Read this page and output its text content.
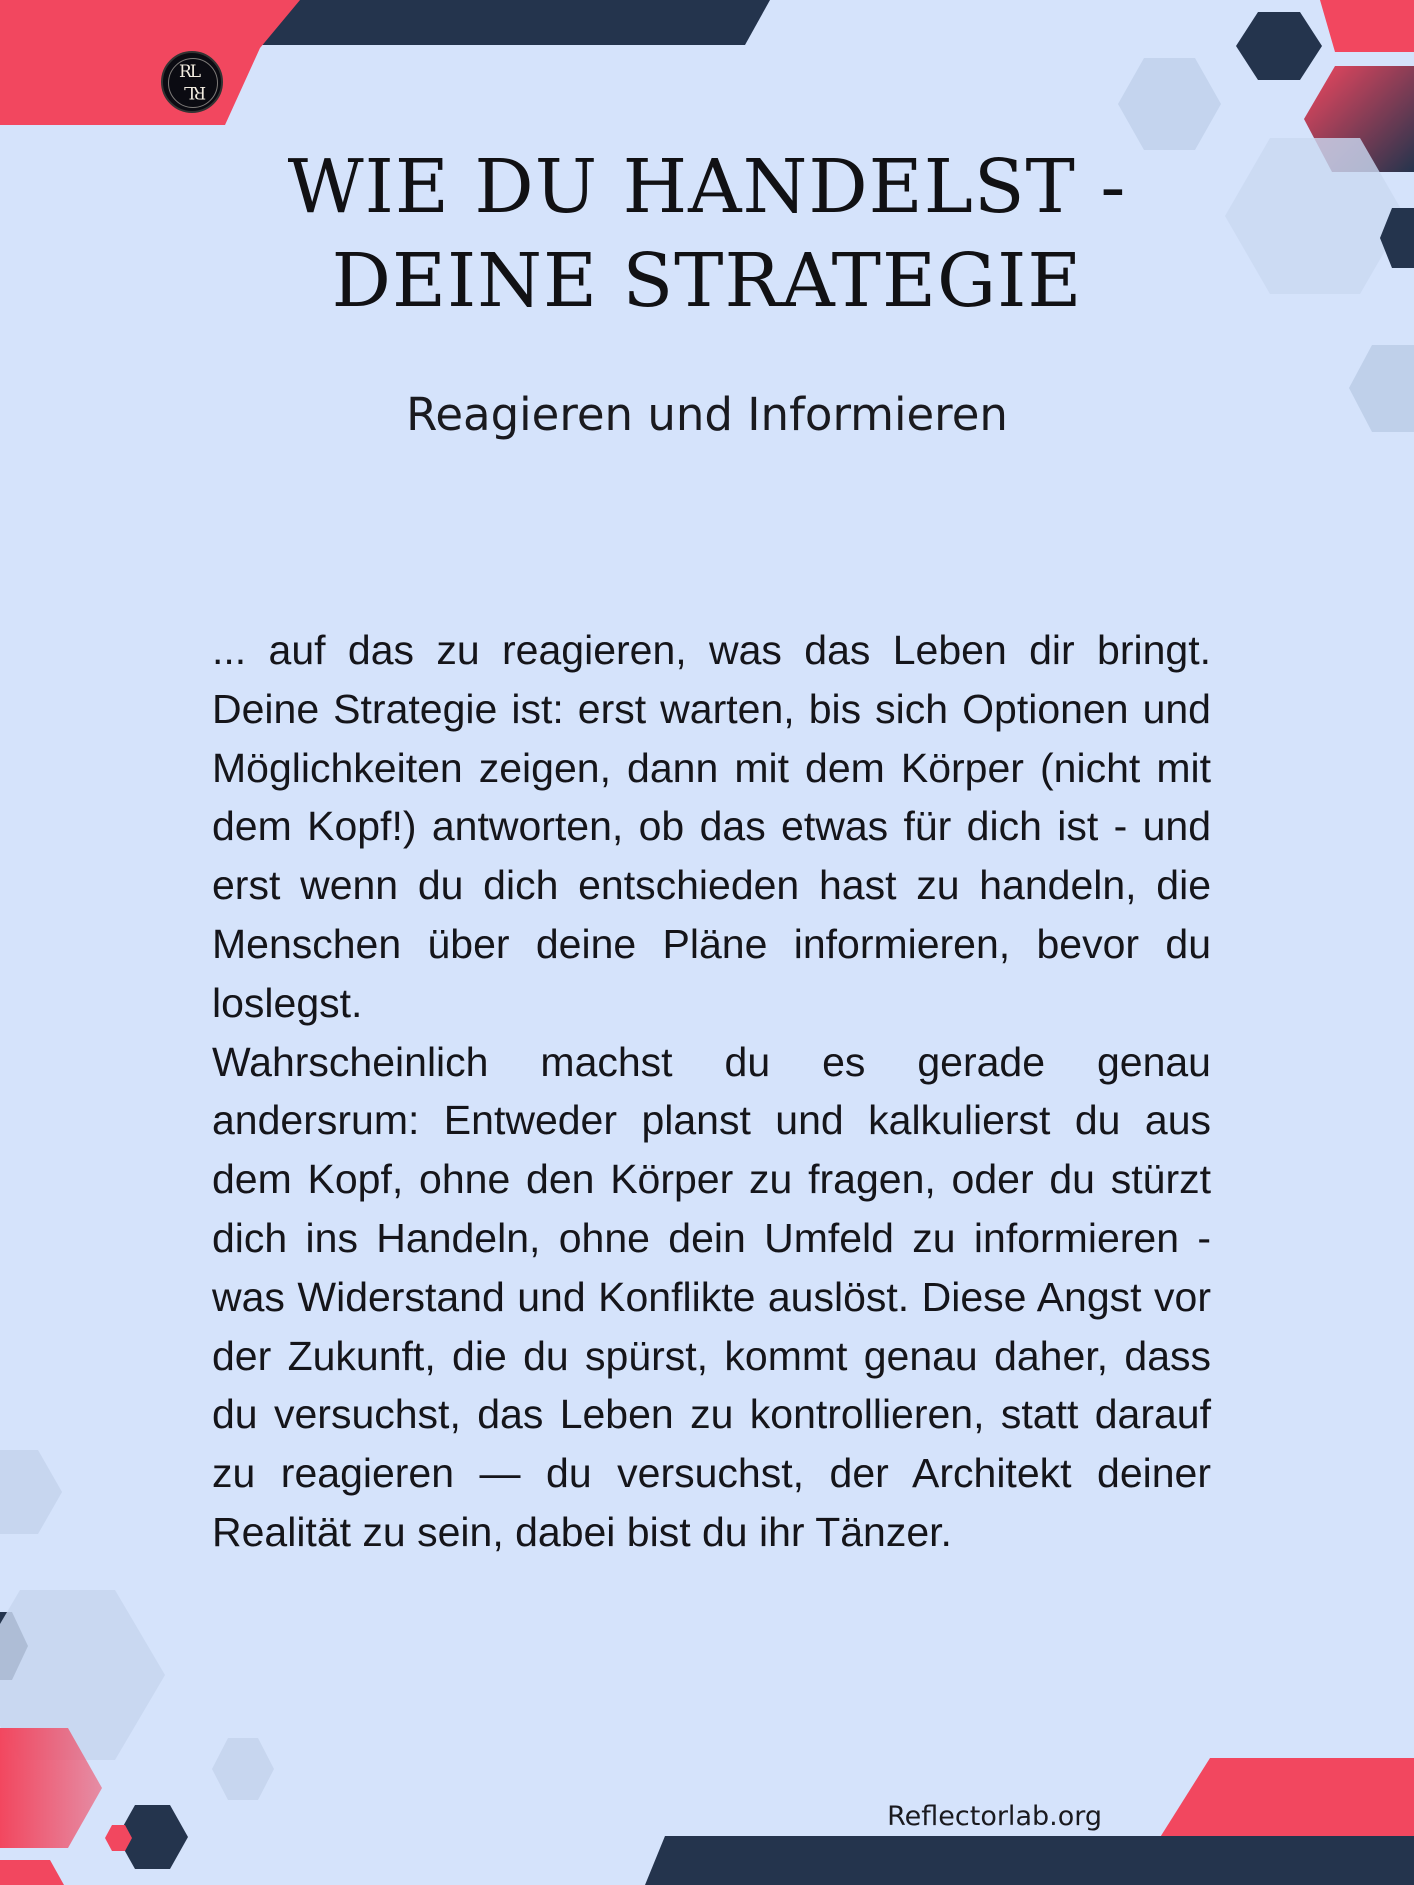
RL
RL
WIE DU HANDELST -
DEINE STRATEGIE
Reagieren und Informieren

... auf das zu reagieren, was das Leben dir bringt. Deine Strategie ist: erst warten, bis sich Optionen und Möglichkeiten zeigen, dann mit dem Körper (nicht mit dem Kopf!) antworten, ob das etwas für dich ist - und erst wenn du dich entschieden hast zu handeln, die Menschen über deine Pläne informieren, bevor du loslegst.

Wahrscheinlich machst du es gerade genau andersrum: Entweder planst und kalkulierst du aus dem Kopf, ohne den Körper zu fragen, oder du stürzt dich ins Handeln, ohne dein Umfeld zu informieren - was Widerstand und Konflikte auslöst. Diese Angst vor der Zukunft, die du spürst, kommt genau daher, dass du versuchst, das Leben zu kontrollieren, statt darauf zu reagieren — du versuchst, der Architekt deiner Realität zu sein, dabei bist du ihr Tänzer.

Reflectorlab.org
